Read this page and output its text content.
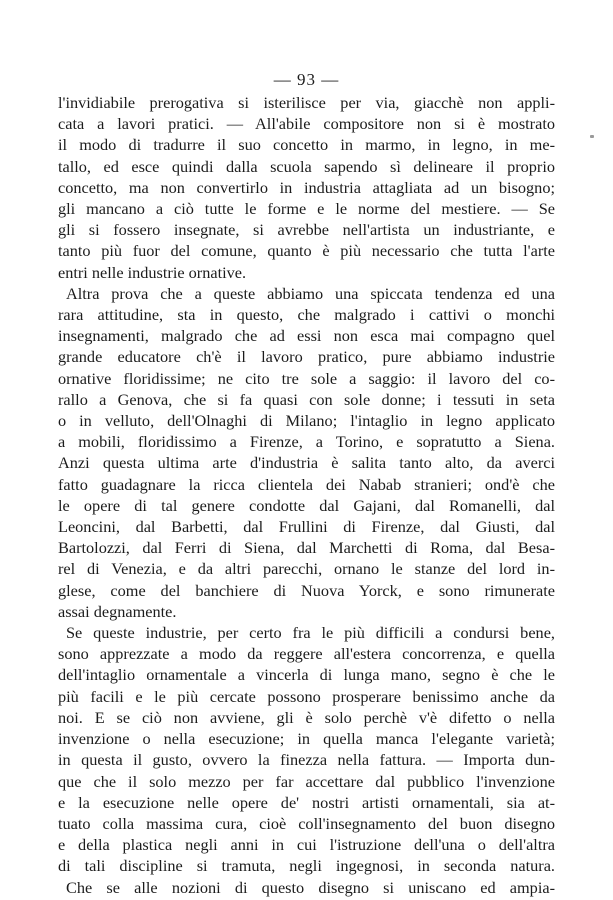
— 93 —

l'invidiabile prerogativa si isterilisce per via, giacchè non appli-

cata a lavori pratici. — All'abile compositore non si è mostrato

il modo di tradurre il suo concetto in marmo, in legno, in me-

tallo, ed esce quindi dalla scuola sapendo sì delineare il proprio

concetto, ma non convertirlo in industria attagliata ad un bisogno;

gli mancano a ciò tutte le forme e le norme del mestiere. — Se

gli si fossero insegnate, si avrebbe nell'artista un industriante, e

tanto più fuor del comune, quanto è più necessario che tutta l'arte

entri nelle industrie ornative.

Altra prova che a queste abbiamo una spiccata tendenza ed una

rara attitudine, sta in questo, che malgrado i cattivi o monchi

insegnamenti, malgrado che ad essi non esca mai compagno quel

grande educatore ch'è il lavoro pratico, pure abbiamo industrie

ornative floridissime; ne cito tre sole a saggio: il lavoro del co-

rallo a Genova, che si fa quasi con sole donne; i tessuti in seta

o in velluto, dell'Olnaghi di Milano; l'intaglio in legno applicato

a mobili, floridissimo a Firenze, a Torino, e sopratutto a Siena.

Anzi questa ultima arte d'industria è salita tanto alto, da averci

fatto guadagnare la ricca clientela dei Nabab stranieri; ond'è che

le opere di tal genere condotte dal Gajani, dal Romanelli, dal

Leoncini, dal Barbetti, dal Frullini di Firenze, dal Giusti, dal

Bartolozzi, dal Ferri di Siena, dal Marchetti di Roma, dal Besa-

rel di Venezia, e da altri parecchi, ornano le stanze del lord in-

glese, come del banchiere di Nuova Yorck, e sono rimunerate

assai degnamente.

Se queste industrie, per certo fra le più difficili a condursi bene,

sono apprezzate a modo da reggere all'estera concorrenza, e quella

dell'intaglio ornamentale a vincerla di lunga mano, segno è che le

più facili e le più cercate possono prosperare benissimo anche da

noi. E se ciò non avviene, gli è solo perchè v'è difetto o nella

invenzione o nella esecuzione; in quella manca l'elegante varietà;

in questa il gusto, ovvero la finezza nella fattura. — Importa dun-

que che il solo mezzo per far accettare dal pubblico l'invenzione

e la esecuzione nelle opere de' nostri artisti ornamentali, sia at-

tuato colla massima cura, cioè coll'insegnamento del buon disegno

e della plastica negli anni in cui l'istruzione dell'una o dell'altra

di tali discipline si tramuta, negli ingegnosi, in seconda natura.

Che se alle nozioni di questo disegno si uniscano ed ampia-
